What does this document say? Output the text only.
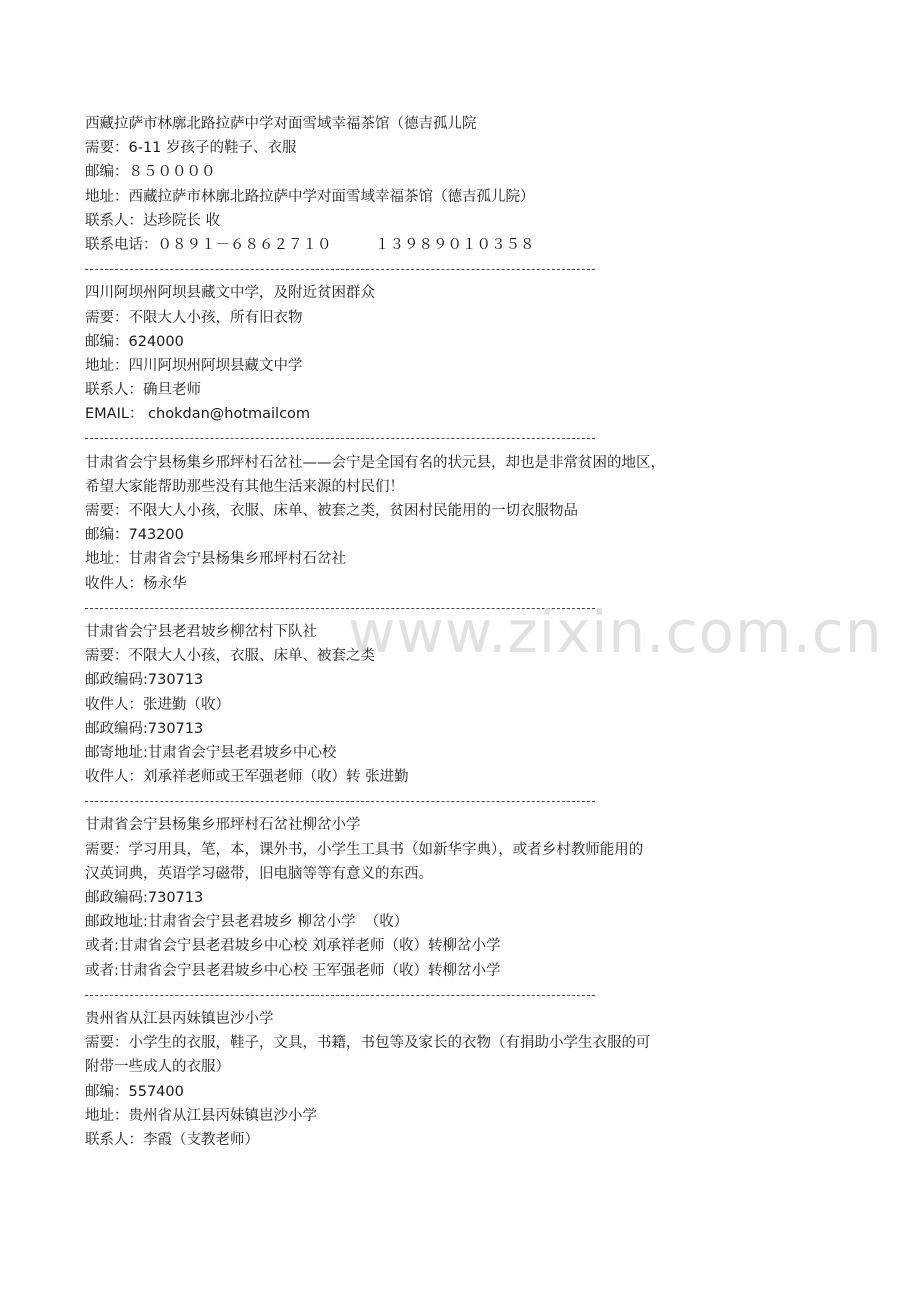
西藏拉萨市林廓北路拉萨中学对面雪域幸福茶馆（德吉孤儿院

需要：6-11 岁孩子的鞋子、衣服

邮编：８５００００

地址：西藏拉萨市林廓北路拉萨中学对面雪域幸福茶馆（德吉孤儿院）

联系人：达珍院长 收

联系电话：０８９１－６８６２７１０　　　１３９８９０１０３５８

四川阿坝州阿坝县藏文中学，及附近贫困群众

需要：不限大人小孩，所有旧衣物

邮编：624000

地址：四川阿坝州阿坝县藏文中学

联系人：确旦老师

EMAIL： chokdan@hotmailcom

甘肃省会宁县杨集乡邢坪村石岔社——会宁是全国有名的状元县，却也是非常贫困的地区，

希望大家能帮助那些没有其他生活来源的村民们！

需要：不限大人小孩，衣服、床单、被套之类，贫困村民能用的一切衣服物品

邮编：743200

地址：甘肃省会宁县杨集乡邢坪村石岔社

收件人：杨永华

甘肃省会宁县老君坡乡柳岔村下队社

需要：不限大人小孩，衣服、床单、被套之类

邮政编码:730713

收件人：张进勤（收）

邮政编码:730713

邮寄地址:甘肃省会宁县老君坡乡中心校

收件人：刘承祥老师或王军强老师（收）转 张进勤

甘肃省会宁县杨集乡邢坪村石岔社柳岔小学

需要：学习用具，笔，本，课外书，小学生工具书（如新华字典），或者乡村教师能用的

汉英词典，英语学习磁带，旧电脑等等有意义的东西。

邮政编码:730713

邮政地址:甘肃省会宁县老君坡乡 柳岔小学  （收）

或者:甘肃省会宁县老君坡乡中心校 刘承祥老师（收）转柳岔小学

或者:甘肃省会宁县老君坡乡中心校 王军强老师（收）转柳岔小学

贵州省从江县丙妹镇岜沙小学

需要：小学生的衣服，鞋子，文具，书籍，书包等及家长的衣物（有捐助小学生衣服的可

附带一些成人的衣服）

邮编：557400

地址：贵州省从江县丙妹镇岜沙小学

联系人：李霞（支教老师）

www.zixin.com.cn
